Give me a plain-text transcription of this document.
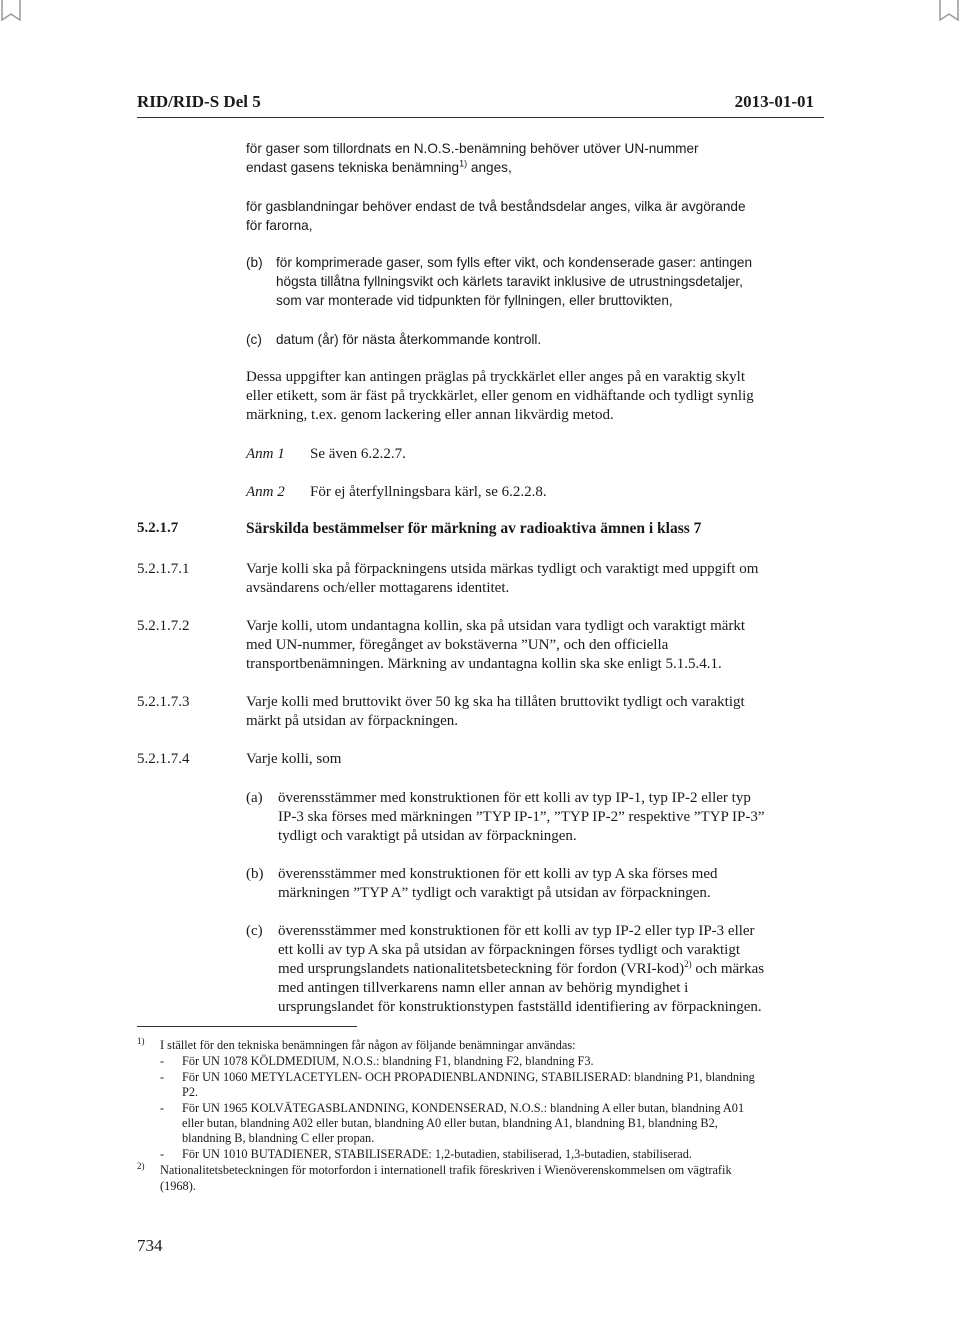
RID/RID-S Del 5	2013-01-01
för gaser som tillordnats en N.O.S.-benämning behöver utöver UN-nummer
endast gasens tekniska benämning$^{1)}$ anges,
för gasblandningar behöver endast de två beståndsdelar anges, vilka är avgörande
för farorna,
(b) för komprimerade gaser, som fylls efter vikt, och kondenserade gaser: antingen
högsta tillåtna fyllningsvikt och kärlets taravikt inklusive de utrustningsdetaljer,
som var monterade vid tidpunkten för fyllningen, eller bruttovikten,
(c) datum (år) för nästa återkommande kontroll.
Dessa uppgifter kan antingen präglas på tryckkärlet eller anges på en varaktig skylt
eller etikett, som är fäst på tryckkärlet, eller genom en vidhäftande och tydligt synlig
märkning, t.ex. genom lackering eller annan likvärdig metod.
Anm 1 Se även 6.2.2.7.
Anm 2 För ej återfyllningsbara kärl, se 6.2.2.8.
5.2.1.7	Särskilda bestämmelser för märkning av radioaktiva ämnen i klass 7
5.2.1.7.1	Varje kolli ska på förpackningens utsida märkas tydligt och varaktigt med uppgift om
avsändarens och/eller mottagarens identitet.
5.2.1.7.2	Varje kolli, utom undantagna kollin, ska på utsidan vara tydligt och varaktigt märkt
med UN-nummer, föregånget av bokstäverna ”UN”, och den officiella
transportbenämningen. Märkning av undantagna kollin ska ske enligt 5.1.5.4.1.
5.2.1.7.3	Varje kolli med bruttovikt över 50 kg ska ha tillåten bruttovikt tydligt och varaktigt
märkt på utsidan av förpackningen.
5.2.1.7.4	Varje kolli, som
(a) överensstämmer med konstruktionen för ett kolli av typ IP-1, typ IP-2 eller typ
IP-3 ska förses med märkningen ”TYP IP-1”, ”TYP IP-2” respektive ”TYP IP-3”
tydligt och varaktigt på utsidan av förpackningen.
(b) överensstämmer med konstruktionen för ett kolli av typ A ska förses med
märkningen ”TYP A” tydligt och varaktigt på utsidan av förpackningen.
(c) överensstämmer med konstruktionen för ett kolli av typ IP-2 eller typ IP-3 eller
ett kolli av typ A ska på utsidan av förpackningen förses tydligt och varaktigt
med ursprungslandets nationalitetsbeteckning för fordon $(VRI-kod)^{2)}$ och märkas
med antingen tillverkarens namn eller annan av behörig myndighet i
ursprungslandet för konstruktionstypen fastställd identifiering av förpackningen.
1) I stället för den tekniska benämningen får någon av följande benämningar användas:
- För UN 1078 KÖLDMEDIUM, N.O.S.: blandning F1, blandning F2, blandning F3.
- För UN 1060 METYLACETYLEN- OCH PROPADIENBLANDNING, STABILISERAD: blandning P1, blandning
P2.
- För UN 1965 KOLVÄTEGASBLANDNING, KONDENSERAD, N.O.S.: blandning A eller butan, blandning A01
eller butan, blandning A02 eller butan, blandning A0 eller butan, blandning A1, blandning B1, blandning B2,
blandning B, blandning C eller propan.
- För UN 1010 BUTADIENER, STABILISERADE: 1,2-butadien, stabiliserad, 1,3-butadien, stabiliserad.
2) Nationalitetsbeteckningen för motorfordon i internationell trafik föreskriven i Wienöverenskommelsen om vägtrafik
(1968).
734
